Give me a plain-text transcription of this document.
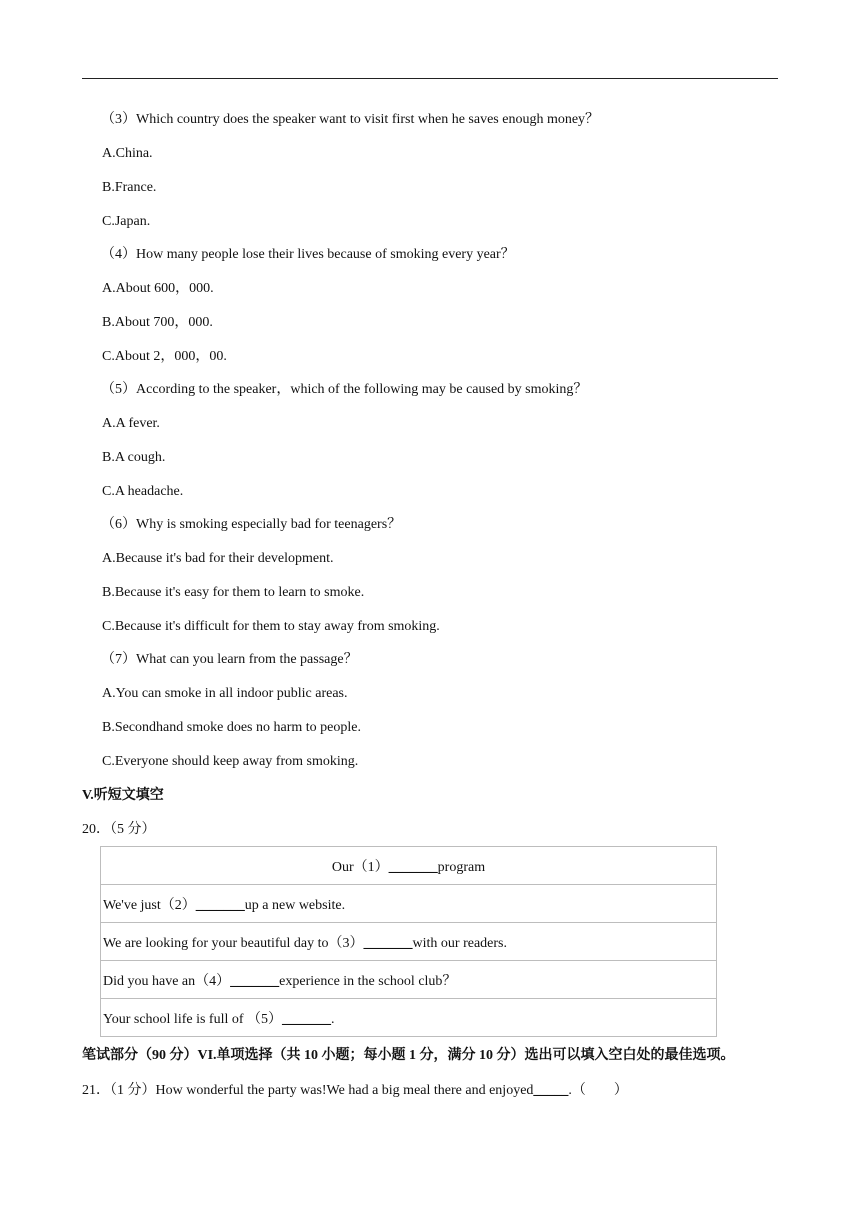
（3）Which country does the speaker want to visit first when he saves enough money？
A.China.
B.France.
C.Japan.
（4）How many people lose their lives because of smoking every year？
A.About 600，000.
B.About 700，000.
C.About 2，000，00.
（5）According to the speaker，which of the following may be caused by smoking？
A.A fever.
B.A cough.
C.A headache.
（6）Why is smoking especially bad for teenagers？
A.Because it's bad for their development.
B.Because it's easy for them to learn to smoke.
C.Because it's difficult for them to stay away from smoking.
（7）What can you learn from the passage？
A.You can smoke in all indoor public areas.
B.Secondhand smoke does no harm to people.
C.Everyone should keep away from smoking.
V.听短文填空
20．（5 分）
Our（1）_______program
We've just（2）_______up a new website.
We are looking for your beautiful day to（3）_______with our readers.
Did you have an（4）_______experience in the school club？
Your school life is full of （5）_______.
笔试部分（90 分）VI.单项选择（共 10 小题；每小题 1 分，满分 10 分）选出可以填入空白处的最佳选项。
21．（1 分）How wonderful the party was!We had a big meal there and enjoyed_____.（　　）
